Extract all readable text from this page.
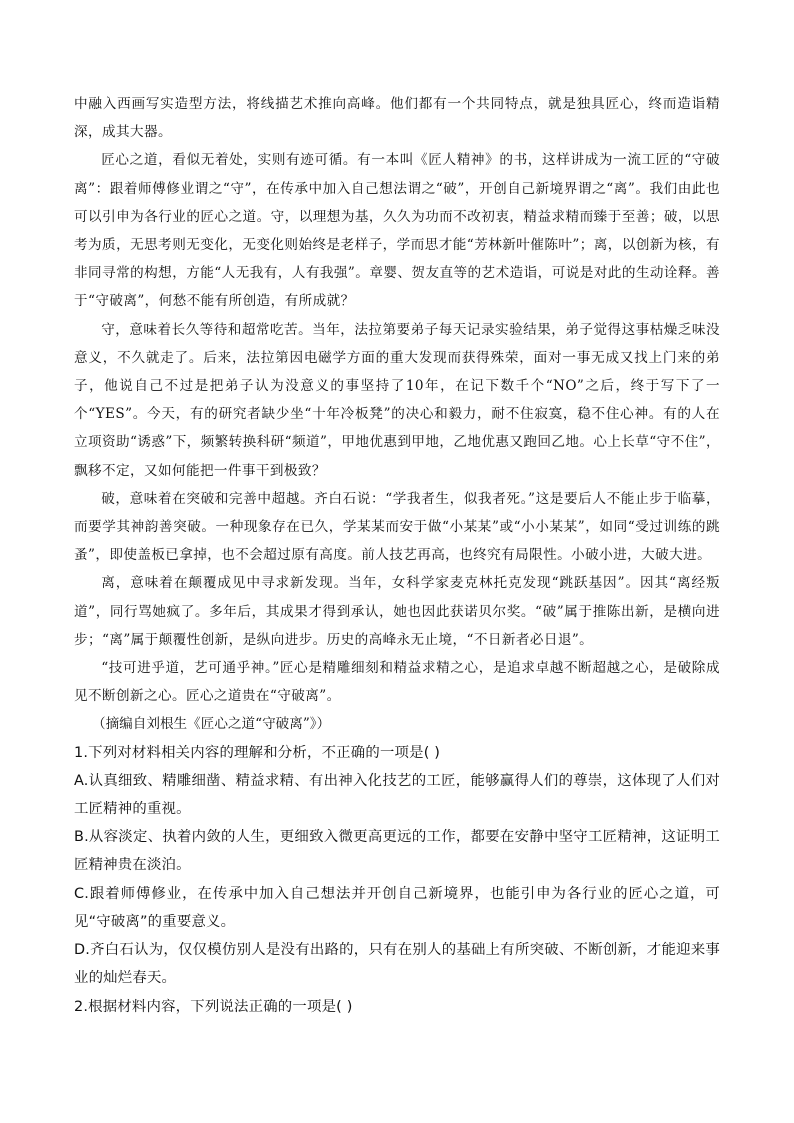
中融入西画写实造型方法，将线描艺术推向高峰。他们都有一个共同特点，就是独具匠心，终而造诣精深，成其大器。

匠心之道，看似无着处，实则有迹可循。有一本叫《匠人精神》的书，这样讲成为一流工匠的“守破离”：跟着师傅修业谓之“守”，在传承中加入自己想法谓之“破”，开创自己新境界谓之“离”。我们由此也可以引申为各行业的匠心之道。守，以理想为基，久久为功而不改初衷，精益求精而臻于至善；破，以思考为质，无思考则无变化，无变化则始终是老样子，学而思才能“芳林新叶催陈叶”；离，以创新为核，有非同寻常的构想，方能“人无我有，人有我强”。章婴、贺友直等的艺术造诣，可说是对此的生动诠释。善于“守破离”，何愁不能有所创造，有所成就？

守，意味着长久等待和超常吃苦。当年，法拉第要弟子每天记录实验结果，弟子觉得这事枯燥乏味没意义，不久就走了。后来，法拉第因电磁学方面的重大发现而获得殊荣，面对一事无成又找上门来的弟子，他说自己不过是把弟子认为没意义的事坚持了10年，在记下数千个“NO”之后，终于写下了一个“YES”。今天，有的研究者缺少坐“十年冷板凳”的决心和毅力，耐不住寂寞，稳不住心神。有的人在立项资助“诱惑”下，频繁转换科研“频道”，甲地优惠到甲地，乙地优惠又跑回乙地。心上长草“守不住”，飘移不定，又如何能把一件事干到极致？

破，意味着在突破和完善中超越。齐白石说：“学我者生，似我者死。”这是要后人不能止步于临摹，而要学其神韵善突破。一种现象存在已久，学某某而安于做“小某某”或“小小某某”，如同“受过训练的跳蚤”，即使盖板已拿掉，也不会超过原有高度。前人技艺再高，也终究有局限性。小破小进，大破大进。

离，意味着在颠覆成见中寻求新发现。当年，女科学家麦克林托克发现“跳跃基因”。因其“离经叛道”，同行骂她疯了。多年后，其成果才得到承认，她也因此获诺贝尔奖。“破”属于推陈出新，是横向进步；“离”属于颠覆性创新，是纵向进步。历史的高峰永无止境，“不日新者必日退”。

“技可进乎道，艺可通乎神。”匠心是精雕细刻和精益求精之心，是追求卓越不断超越之心，是破除成见不断创新之心。匠心之道贵在“守破离”。

（摘编自刘根生《匠心之道“守破离”》）

1.下列对材料相关内容的理解和分析，不正确的一项是( )

A.认真细致、精雕细凿、精益求精、有出神入化技艺的工匠，能够赢得人们的尊崇，这体现了人们对工匠精神的重视。

B.从容淡定、执着内敛的人生，更细致入微更高更远的工作，都要在安静中坚守工匠精神，这证明工匠精神贵在淡泊。

C.跟着师傅修业，在传承中加入自己想法并开创自己新境界，也能引申为各行业的匠心之道，可见“守破离”的重要意义。

D.齐白石认为，仅仅模仿别人是没有出路的，只有在别人的基础上有所突破、不断创新，才能迎来事业的灿烂春天。

2.根据材料内容，下列说法正确的一项是( )
